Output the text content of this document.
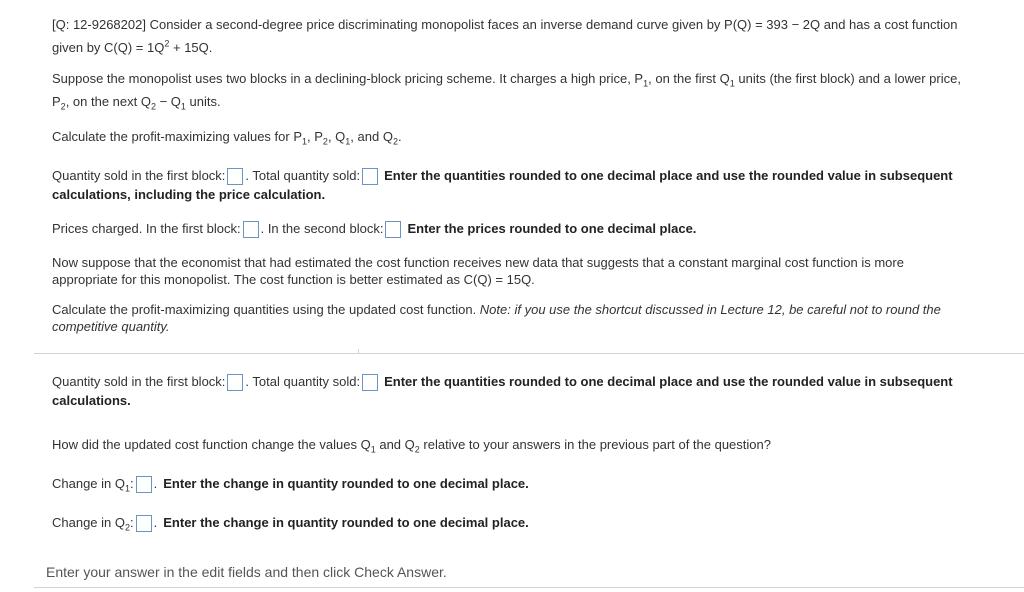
[Q: 12-9268202] Consider a second-degree price discriminating monopolist faces an inverse demand curve given by P(Q) = 393 − 2Q and has a cost function
given by $C(Q) = 1Q^2 + 15Q$.
Suppose the monopolist uses two blocks in a declining-block pricing scheme. It charges a high price, $P_1$, on the first $Q_1$ units (the first block) and a lower price,
$P_2$, on the next $Q_2 - Q_1$ units.
Calculate the profit-maximizing values for $P_1$, $P_2$, $Q_1$, and $Q_2$.
Quantity sold in the first block: . Total quantity sold: Enter the quantities rounded to one decimal place and use the rounded value in subsequent
calculations, including the price calculation.
Prices charged. In the first block: . In the second block: Enter the prices rounded to one decimal place.
Now suppose that the economist that had estimated the cost function receives new data that suggests that a constant marginal cost function is more
appropriate for this monopolist. The cost function is better estimated as C(Q) = 15Q.
Calculate the profit-maximizing quantities using the updated cost function. Note: if you use the shortcut discussed in Lecture 12, be careful not to round the
competitive quantity.
Quantity sold in the first block: . Total quantity sold: Enter the quantities rounded to one decimal place and use the rounded value in subsequent
calculations.
How did the updated cost function change the values $Q_1$ and $Q_2$ relative to your answers in the previous part of the question?
Change in $Q_1$: . Enter the change in quantity rounded to one decimal place.
Change in $Q_2$: . Enter the change in quantity rounded to one decimal place.
Enter your answer in the edit fields and then click Check Answer.
